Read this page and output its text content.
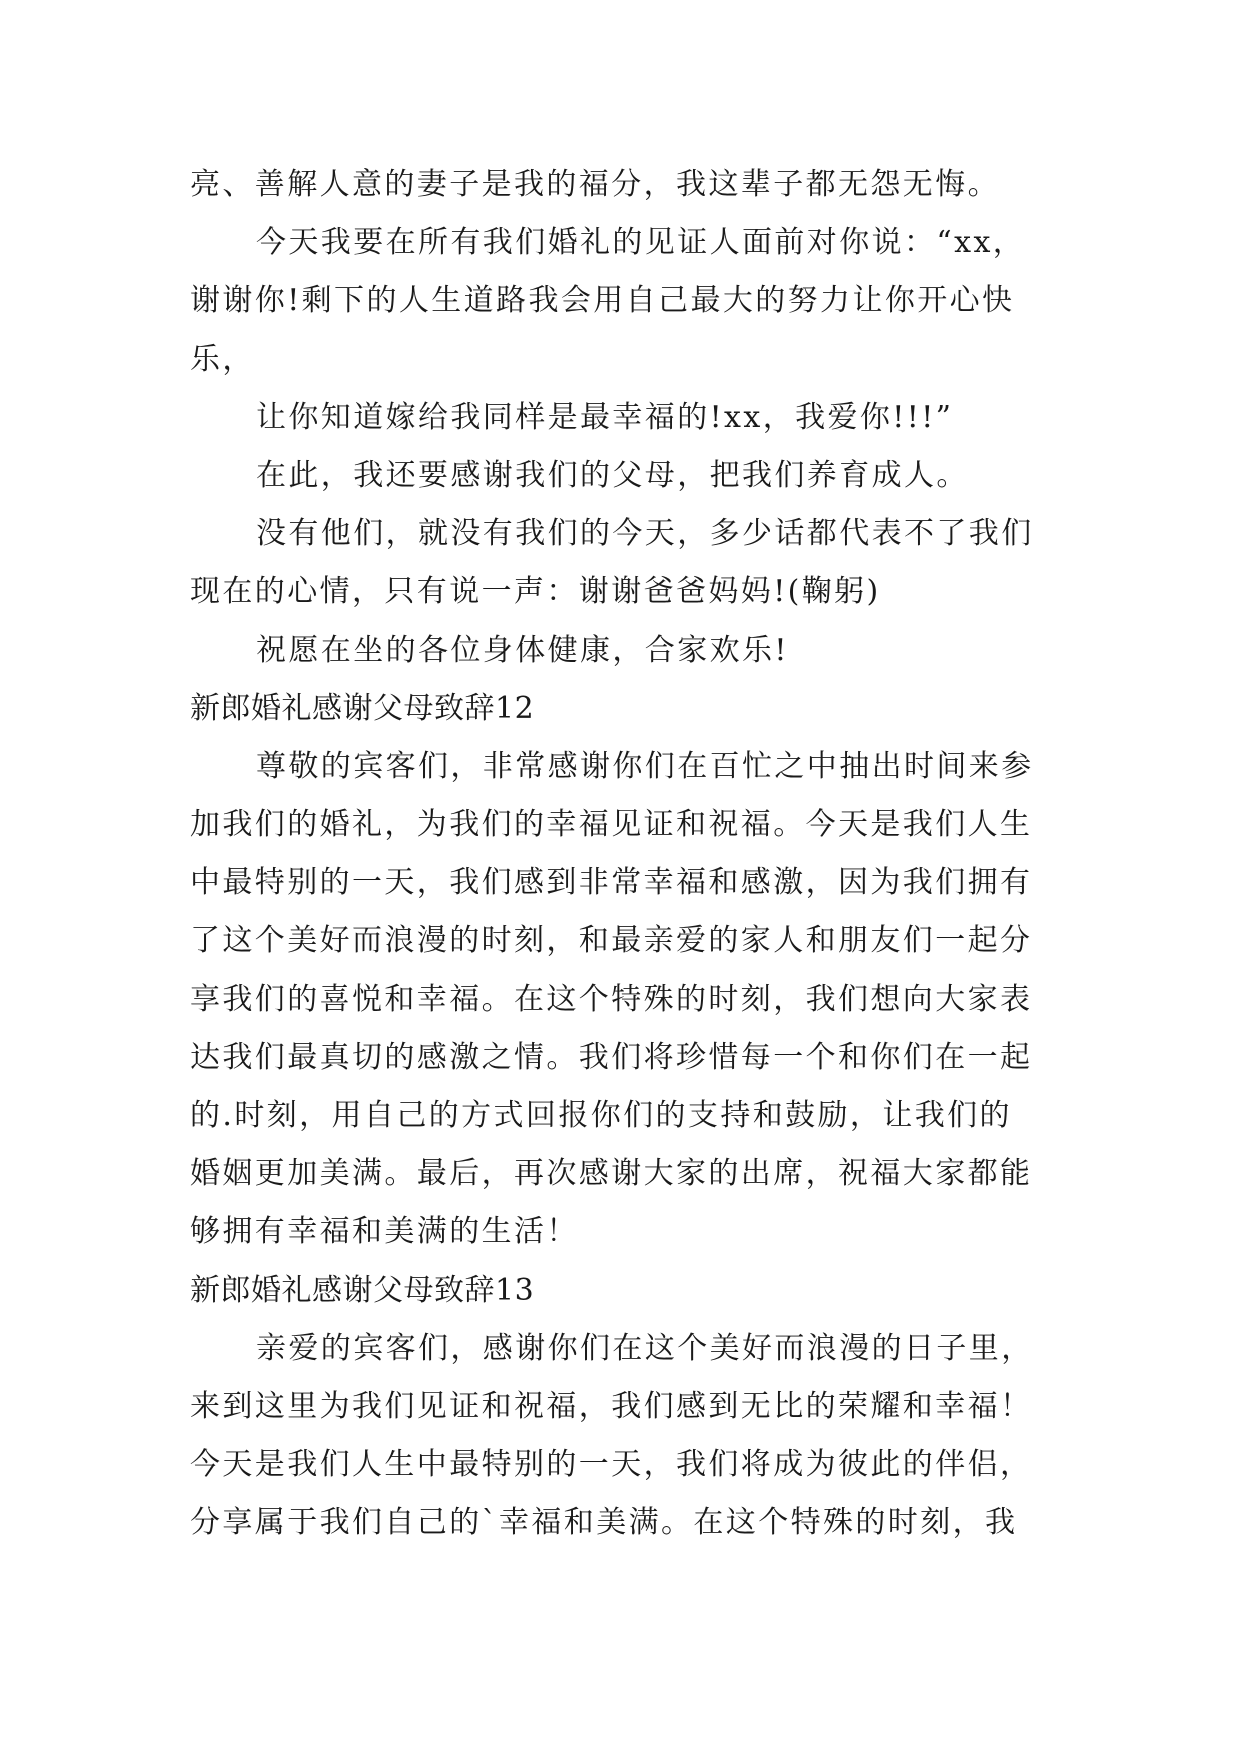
亮、善解人意的妻子是我的福分，我这辈子都无怨无悔。
今天我要在所有我们婚礼的见证人面前对你说：“xx，
谢谢你!剩下的人生道路我会用自己最大的努力让你开心快
乐，
让你知道嫁给我同样是最幸福的!xx，我爱你!!!”
在此，我还要感谢我们的父母，把我们养育成人。
没有他们，就没有我们的今天，多少话都代表不了我们
现在的心情，只有说一声：谢谢爸爸妈妈!(鞠躬)
祝愿在坐的各位身体健康，合家欢乐!
新郎婚礼感谢父母致辞12
尊敬的宾客们，非常感谢你们在百忙之中抽出时间来参
加我们的婚礼，为我们的幸福见证和祝福。今天是我们人生
中最特别的一天，我们感到非常幸福和感激，因为我们拥有
了这个美好而浪漫的时刻，和最亲爱的家人和朋友们一起分
享我们的喜悦和幸福。在这个特殊的时刻，我们想向大家表
达我们最真切的感激之情。我们将珍惜每一个和你们在一起
的.时刻，用自己的方式回报你们的支持和鼓励，让我们的
婚姻更加美满。最后，再次感谢大家的出席，祝福大家都能
够拥有幸福和美满的生活！
新郎婚礼感谢父母致辞13
亲爱的宾客们，感谢你们在这个美好而浪漫的日子里，
来到这里为我们见证和祝福，我们感到无比的荣耀和幸福！
今天是我们人生中最特别的一天，我们将成为彼此的伴侣，
分享属于我们自己的`幸福和美满。在这个特殊的时刻，我
